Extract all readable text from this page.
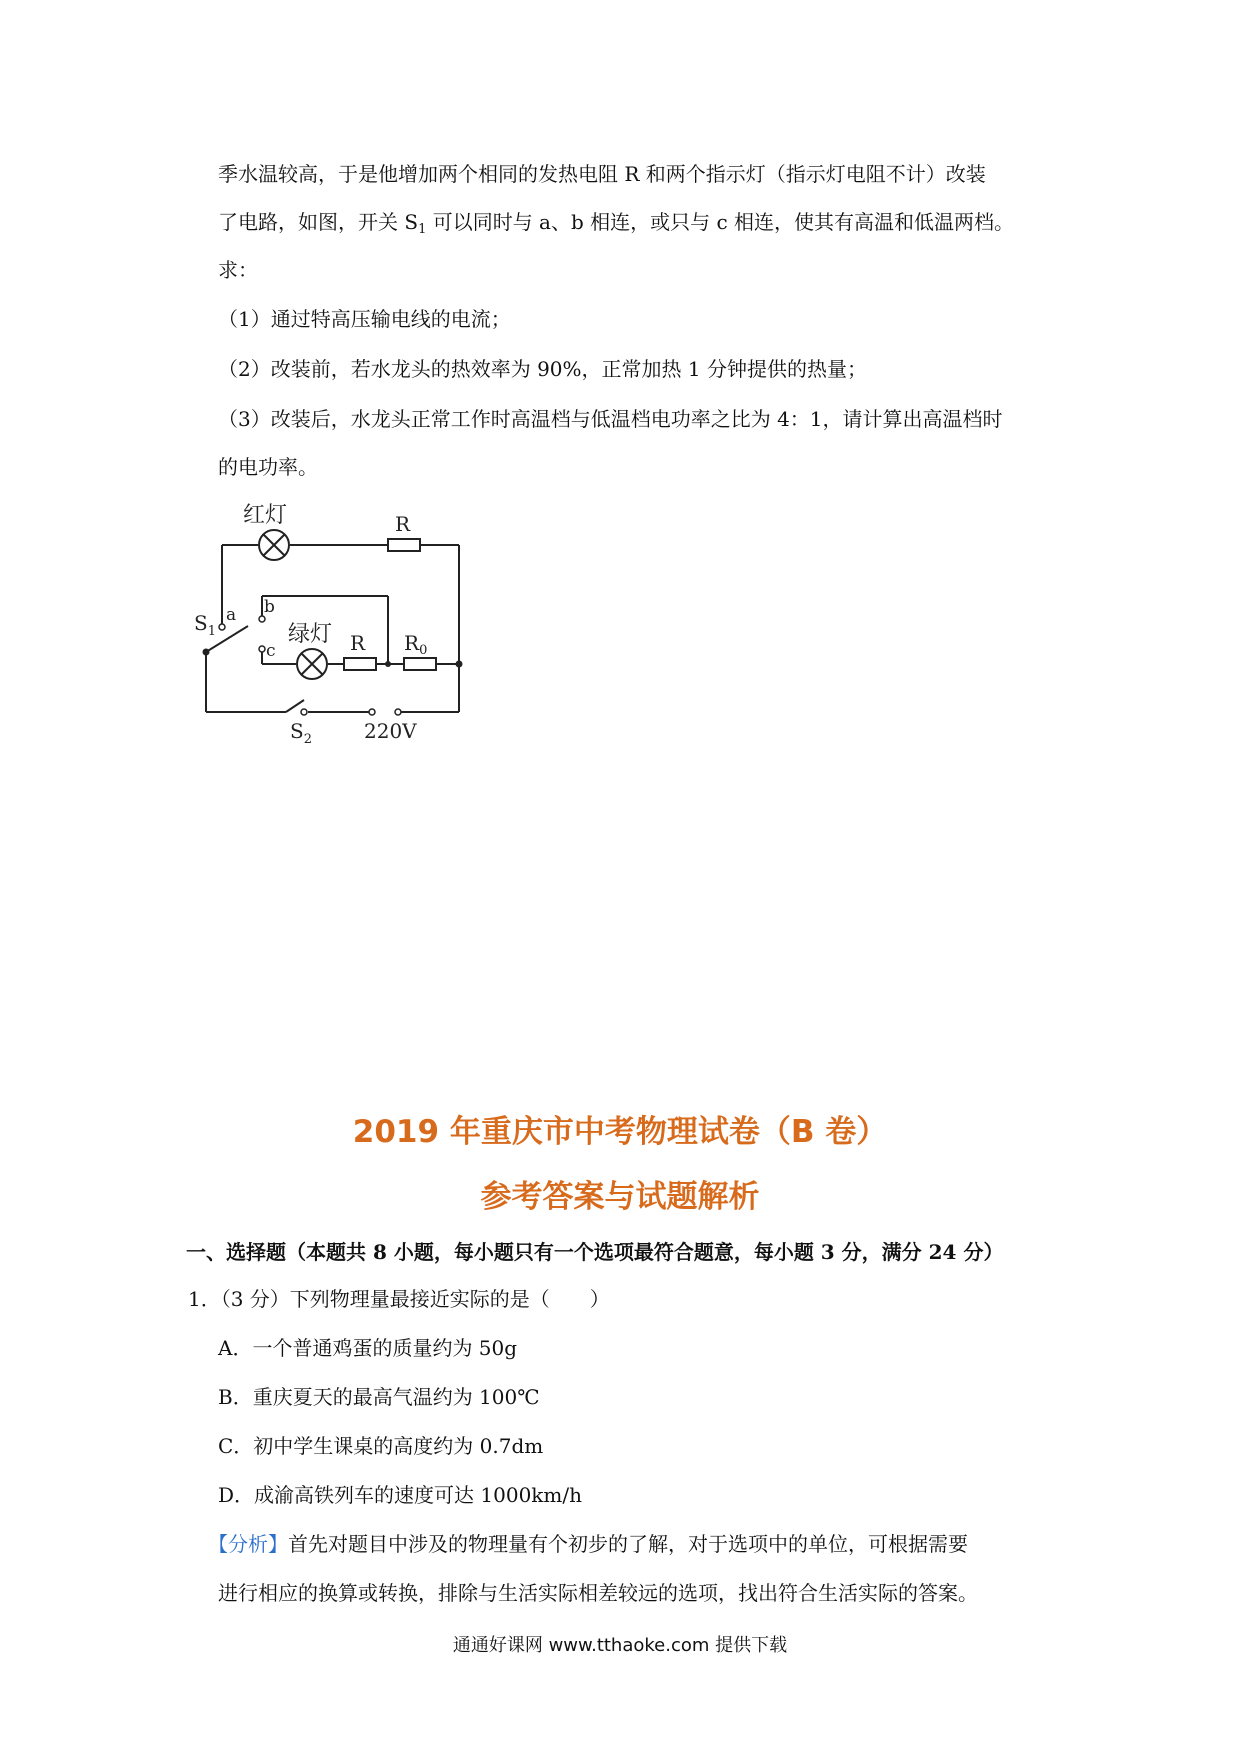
季水温较高，于是他增加两个相同的发热电阻 R 和两个指示灯（指示灯电阻不计）改装
了电路，如图，开关 $S_1$ 可以同时与 a、b 相连，或只与 c 相连，使其有高温和低温两档。
求：
（1）通过特高压输电线的电流；
（2）改装前，若水龙头的热效率为 90%，正常加热 1 分钟提供的热量；
（3）改装后，水龙头正常工作时高温档与低温档电功率之比为 4：1，请计算出高温档时
的电功率。
红灯
绿灯
R
R $R_0$
$S_1$
$S_2$
a b
c
220V
2019 年重庆市中考物理试卷（B 卷）
参考答案与试题解析
一、选择题（本题共 8 小题，每小题只有一个选项最符合题意，每小题 3 分，满分 24 分）
1．（3 分）下列物理量最接近实际的是（　　）
A．一个普通鸡蛋的质量约为 50g
B．重庆夏天的最高气温约为 100℃
C．初中学生课桌的高度约为 0.7dm
D．成渝高铁列车的速度可达 1000km/h
【分析】首先对题目中涉及的物理量有个初步的了解，对于选项中的单位，可根据需要
进行相应的换算或转换，排除与生活实际相差较远的选项，找出符合生活实际的答案。
通通好课网 www.tthaoke.com 提供下载
